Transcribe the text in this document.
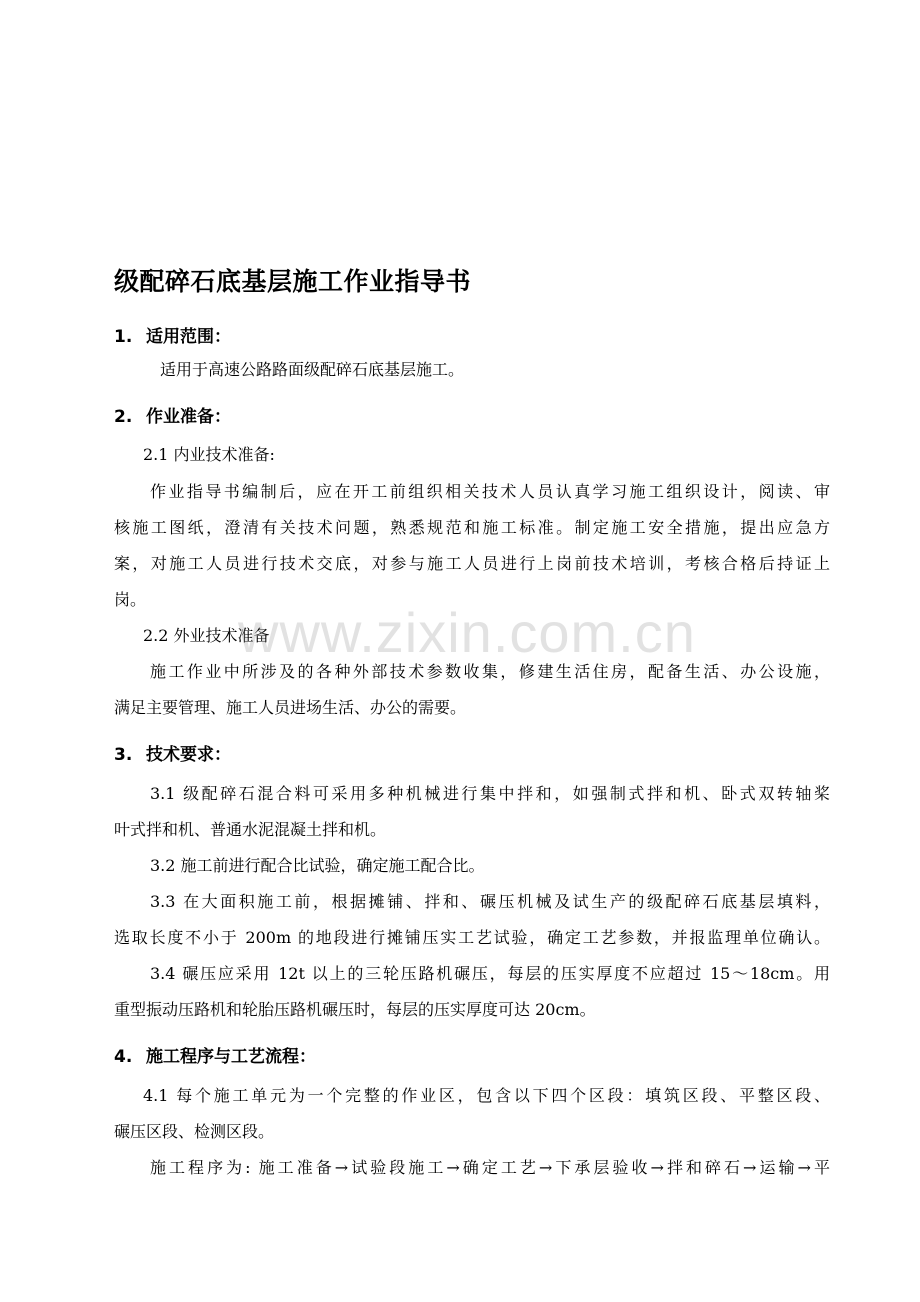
级配碎石底基层施工作业指导书
1. 适用范围：
适用于高速公路路面级配碎石底基层施工。
2. 作业准备：
2.1 内业技术准备:
作业指导书编制后，应在开工前组织相关技术人员认真学习施工组织设计，阅读、审
核施工图纸，澄清有关技术问题，熟悉规范和施工标准。制定施工安全措施，提出应急方
案，对施工人员进行技术交底，对参与施工人员进行上岗前技术培训，考核合格后持证上
岗。
2.2 外业技术准备
施工作业中所涉及的各种外部技术参数收集，修建生活住房，配备生活、办公设施，
满足主要管理、施工人员进场生活、办公的需要。
3. 技术要求：
3.1 级配碎石混合料可采用多种机械进行集中拌和，如强制式拌和机、卧式双转轴桨
叶式拌和机、普通水泥混凝土拌和机。
3.2 施工前进行配合比试验，确定施工配合比。
3.3 在大面积施工前，根据摊铺、拌和、碾压机械及试生产的级配碎石底基层填料，
选取长度不小于 200m 的地段进行摊铺压实工艺试验，确定工艺参数，并报监理单位确认。
3.4 碾压应采用 12t 以上的三轮压路机碾压，每层的压实厚度不应超过 15～18cm。用
重型振动压路机和轮胎压路机碾压时，每层的压实厚度可达 20cm。
4. 施工程序与工艺流程：
4.1 每个施工单元为一个完整的作业区，包含以下四个区段：填筑区段、平整区段、
碾压区段、检测区段。
施工程序为: 施工准备→试验段施工→确定工艺→下承层验收→拌和碎石→运输→平
www.zixin.com.cn
